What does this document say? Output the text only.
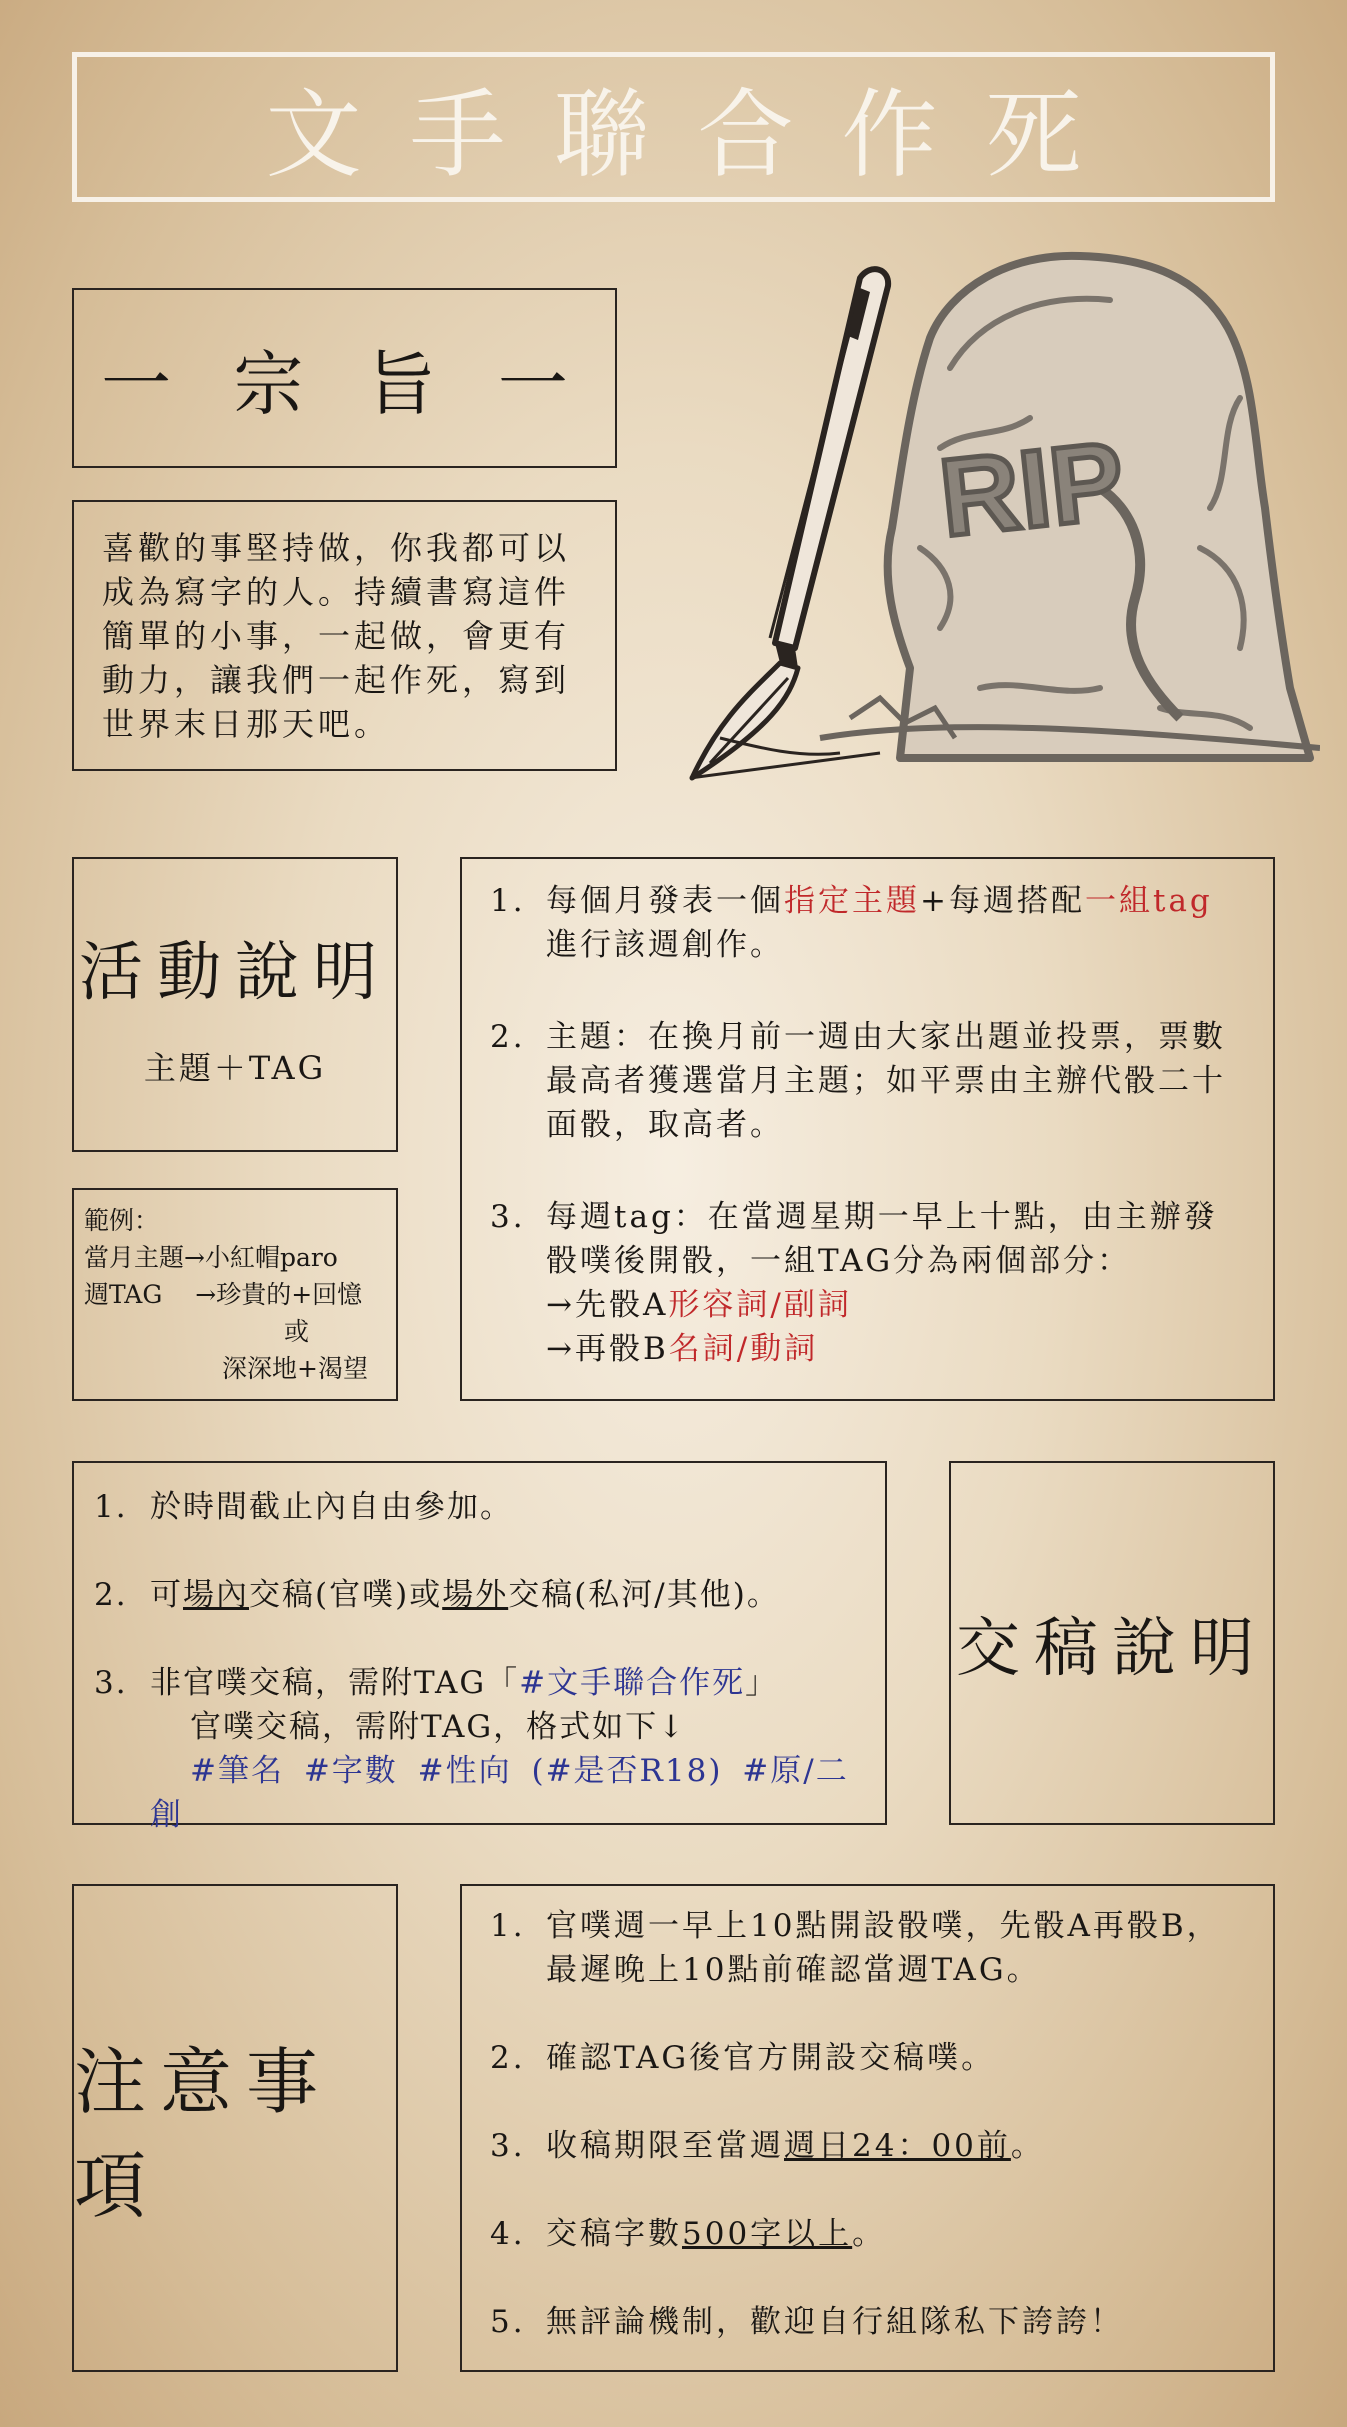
文手聯合作死
一 宗 旨 一
喜歡的事堅持做，你我都可以成為寫字的人。持續書寫這件簡單的小事，一起做，會更有動力，讓我們一起作死，寫到世界末日那天吧。
RIP
活動說明
主題＋TAG
範例：
當月主題→小紅帽paro
週TAG　 →珍貴的+回憶
或
深深地+渴望
1. 每個月發表一個指定主題+每週搭配一組tag
進行該週創作。
2. 主題：在換月前一週由大家出題並投票，票數最高者獲選當月主題；如平票由主辦代骰二十面骰，取高者。
3. 每週tag：在當週星期一早上十點，由主辦發骰噗後開骰，一組TAG分為兩個部分：
→先骰A形容詞/副詞
→再骰B名詞/動詞
1. 於時間截止內自由參加。
2. 可場內交稿(官噗)或場外交稿(私河/其他)。
3. 非官噗交稿，需附TAG「#文手聯合作死」
官噗交稿，需附TAG，格式如下↓
#筆名 #字數 #性向 (#是否R18) #原/二創
交稿說明
注意事項
1. 官噗週一早上10點開設骰噗，先骰A再骰B，最遲晚上10點前確認當週TAG。
2. 確認TAG後官方開設交稿噗。
3. 收稿期限至當週週日24：00前。
4. 交稿字數500字以上。
5. 無評論機制，歡迎自行組隊私下誇誇！
